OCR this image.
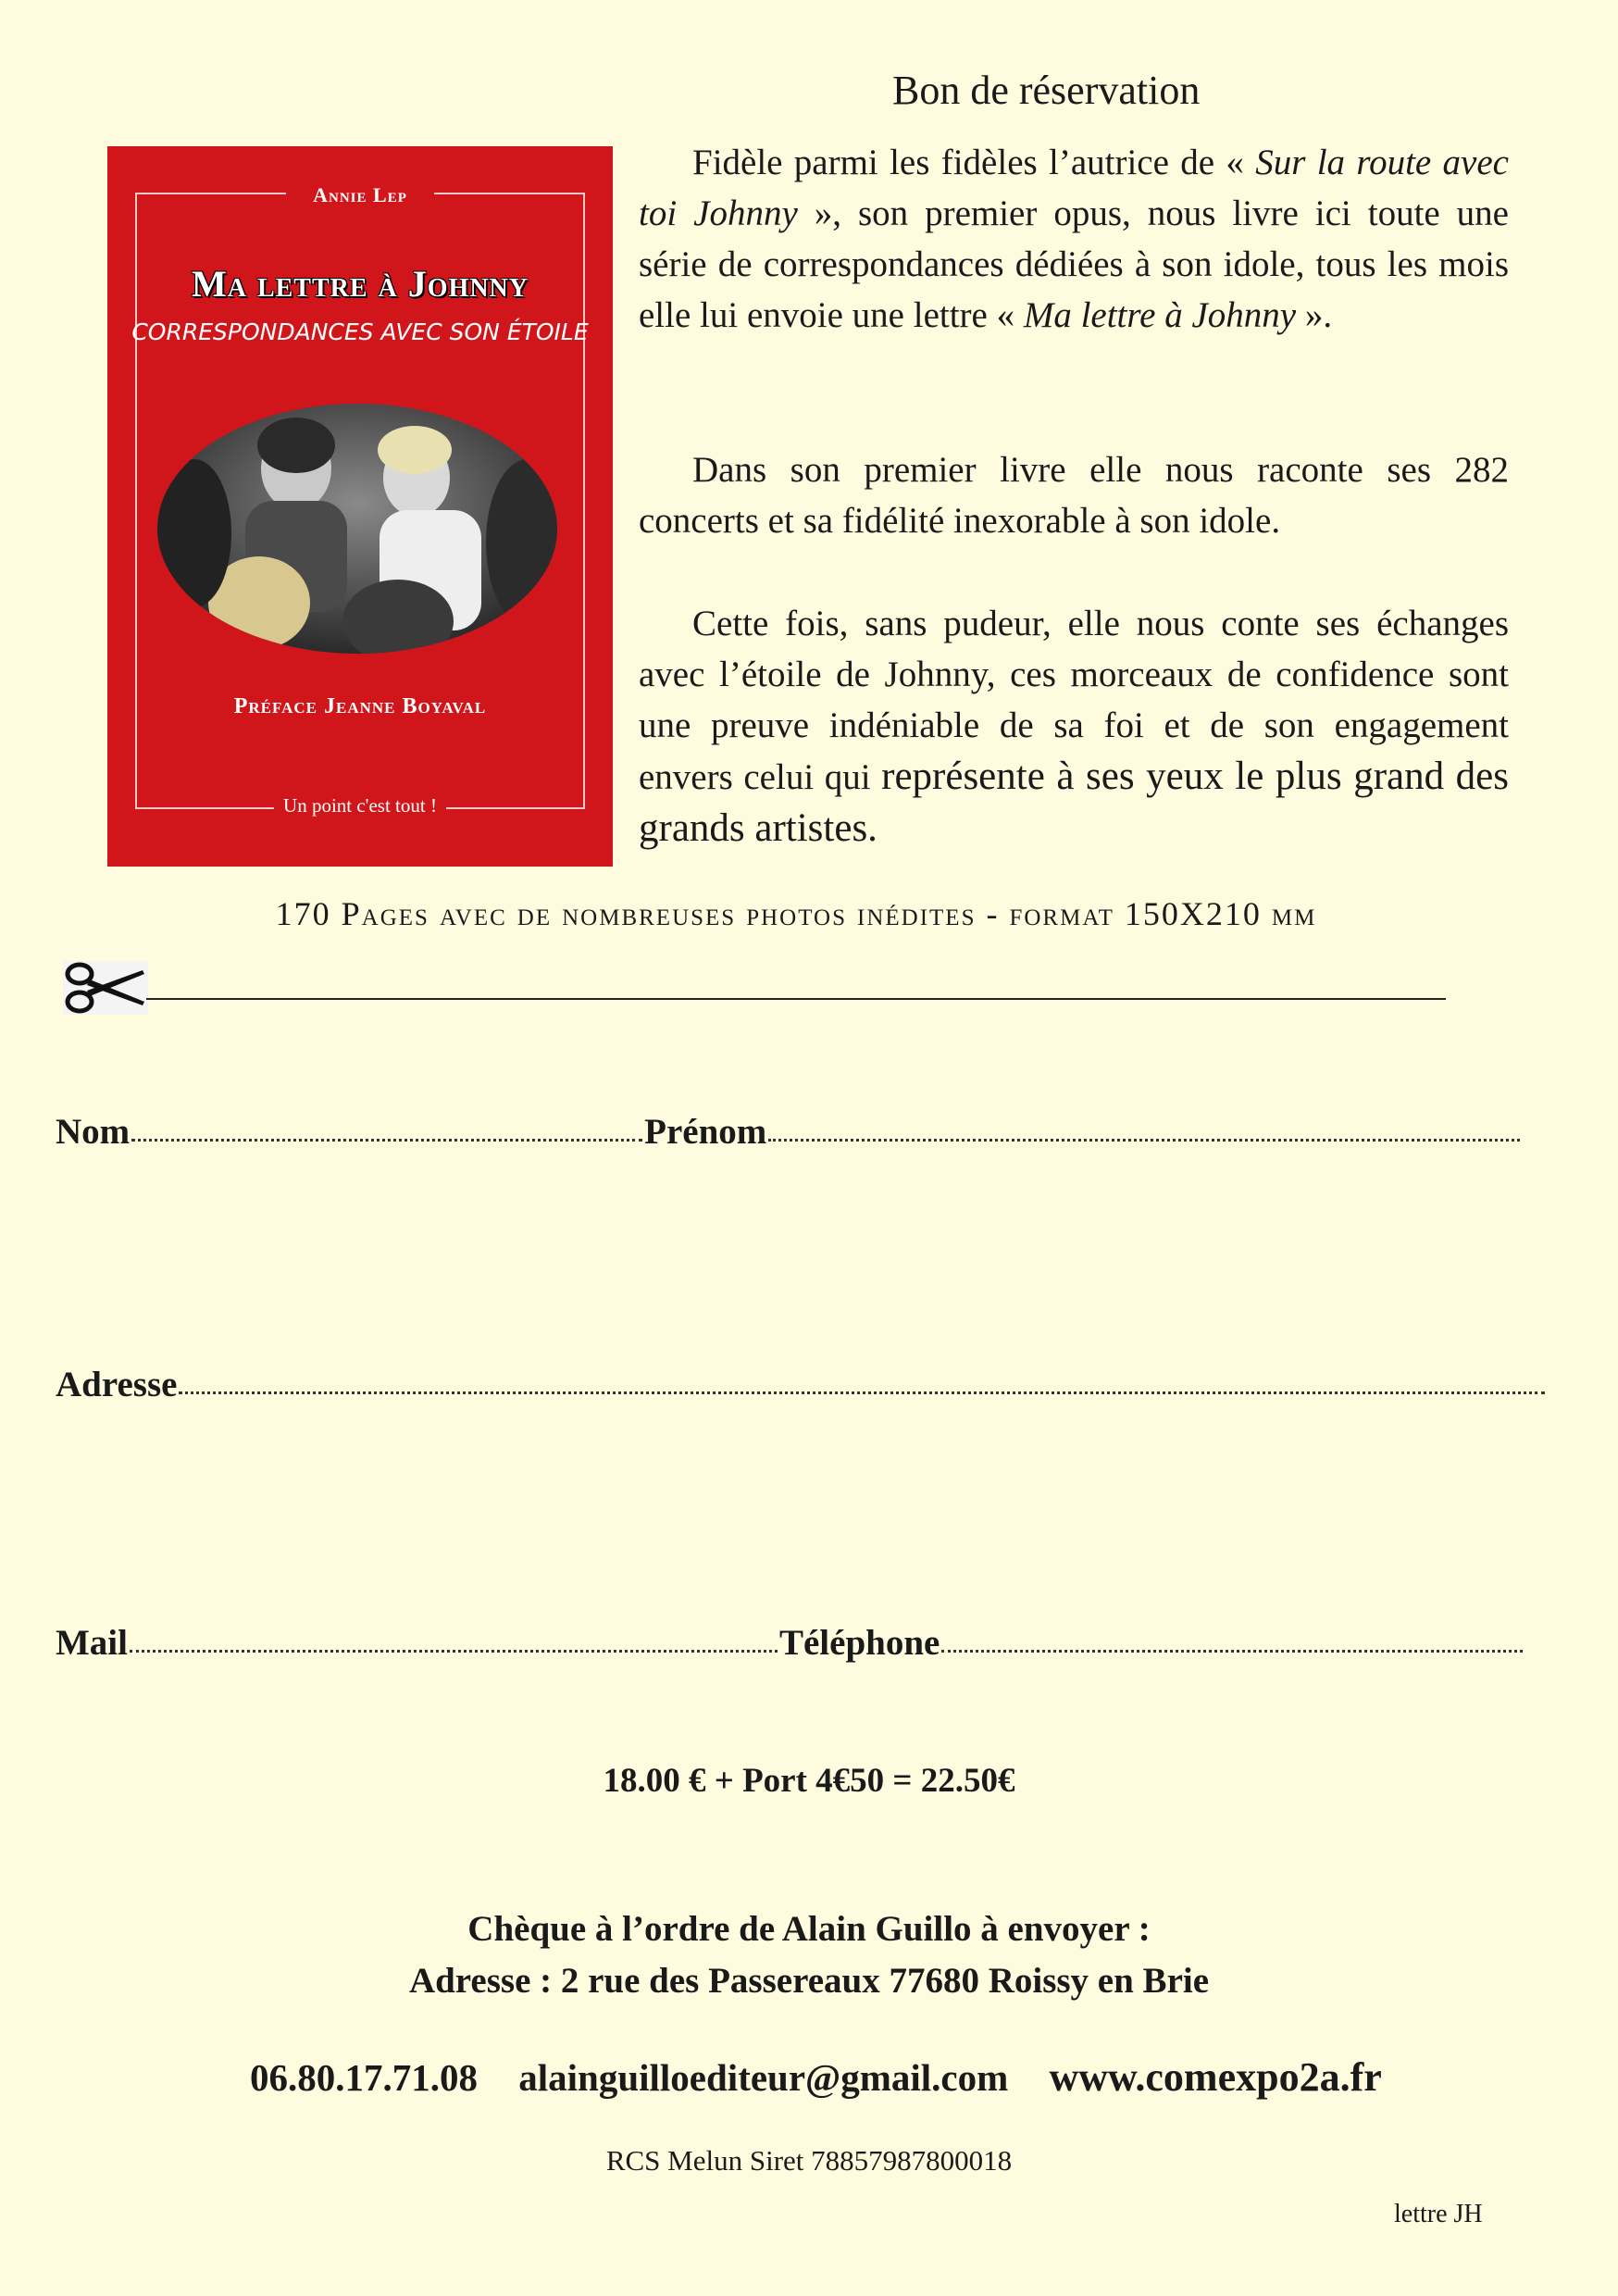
Bon de réservation
Annie Lep
Ma lettre à Johnny
CORRESPONDANCES AVEC SON ÉTOILE
Préface Jeanne Boyaval
Un point c'est tout !
Fidèle parmi les fidèles l’autrice de « Sur la route avec toi Johnny », son premier opus, nous livre ici toute une série de correspondances dédiées à son idole, tous les mois elle lui envoie une lettre « Ma lettre à Johnny ».
Dans son premier livre elle nous raconte ses 282 concerts et sa fidélité inexorable à son idole.
Cette fois, sans pudeur, elle nous conte ses échanges avec l’étoile de Johnny, ces morceaux de confidence sont une preuve indéniable de sa foi et de son engagement envers celui qui représente à ses yeux le plus grand des grands artistes.
170 Pages avec de nombreuses photos inédites - format 150X210 mm
Nom	Prénom
Adresse
Mail	Téléphone
18.00 € + Port 4€50 = 22.50€
Chèque à l’ordre de Alain Guillo à envoyer :
Adresse : 2 rue des Passereaux 77680 Roissy en Brie
06.80.17.71.08 alainguilloediteur@gmail.com www.comexpo2a.fr
RCS Melun Siret 78857987800018
lettre JH
